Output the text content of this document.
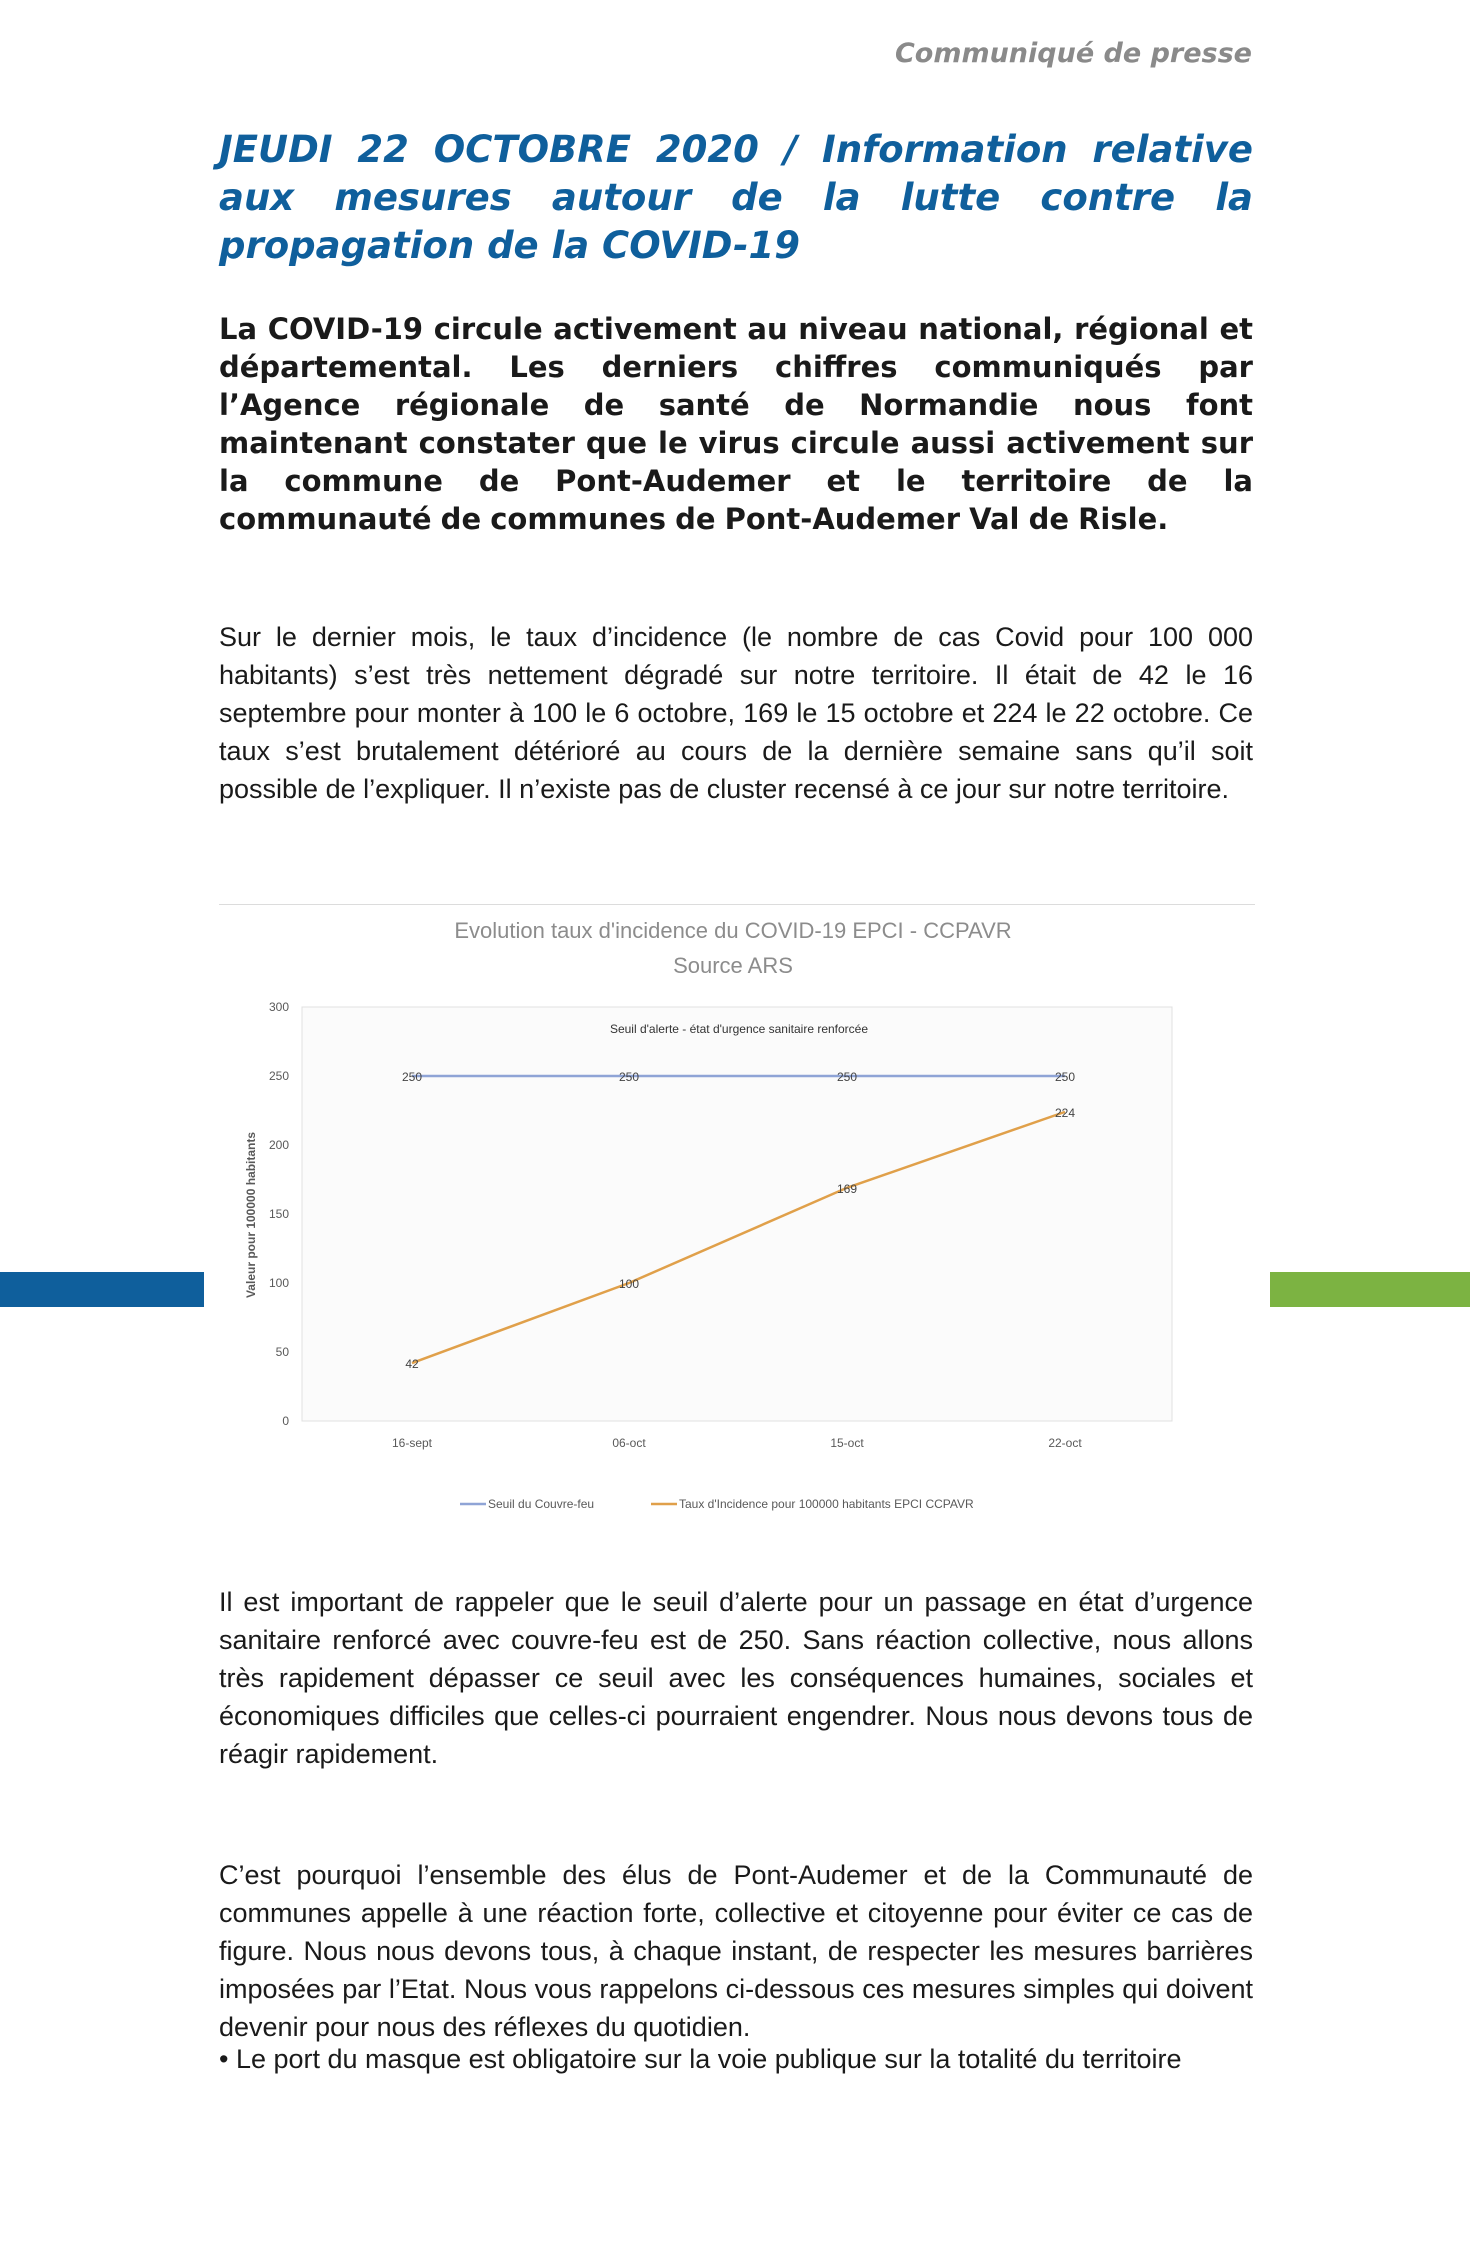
Communiqué de presse
JEUDI 22 OCTOBRE 2020 / Information relative aux mesures autour de la lutte contre la propagation de la COVID-19
La COVID-19 circule activement au niveau national, régional et départemental. Les derniers chiffres communiqués par l’Agence régionale de santé de Normandie nous font maintenant constater que le virus circule aussi activement sur la commune de Pont-Audemer et le territoire de la communauté de communes de Pont-Audemer Val de Risle.
Sur le dernier mois, le taux d’incidence (le nombre de cas Covid pour 100 000 habitants) s’est très nettement dégradé sur notre territoire. Il était de 42 le 16 septembre pour monter à 100 le 6 octobre, 169 le 15 octobre et 224 le 22 octobre. Ce taux s’est brutalement détérioré au cours de la dernière semaine sans qu’il soit possible de l’expliquer. Il n’existe pas de cluster recensé à ce jour sur notre territoire.
Evolution taux d'incidence du COVID-19 EPCI - CCPAVR
Source ARS
Seuil d'alerte - état d'urgence sanitaire renforcée
Valeur pour 100000 habitants
0
50
100
150
200
250
300
16-sept	06-oct	15-oct	22-oct
250	250	250	250
42
100
169
224
Seuil du Couvre-feu	Taux d'Incidence pour 100000 habitants EPCI CCPAVR
Il est important de rappeler que le seuil d’alerte pour un passage en état d’urgence sanitaire renforcé avec couvre-feu est de 250. Sans réaction collective, nous allons très rapidement dépasser ce seuil avec les conséquences humaines, sociales et économiques difficiles que celles-ci pourraient engendrer. Nous nous devons tous de réagir rapidement.
C’est pourquoi l’ensemble des élus de Pont-Audemer et de la Communauté de communes appelle à une réaction forte, collective et citoyenne pour éviter ce cas de figure. Nous nous devons tous, à chaque instant, de respecter les mesures barrières imposées par l’Etat. Nous vous rappelons ci-dessous ces mesures simples qui doivent devenir pour nous des réflexes du quotidien.
• Le port du masque est obligatoire sur la voie publique sur la totalité du territoire
